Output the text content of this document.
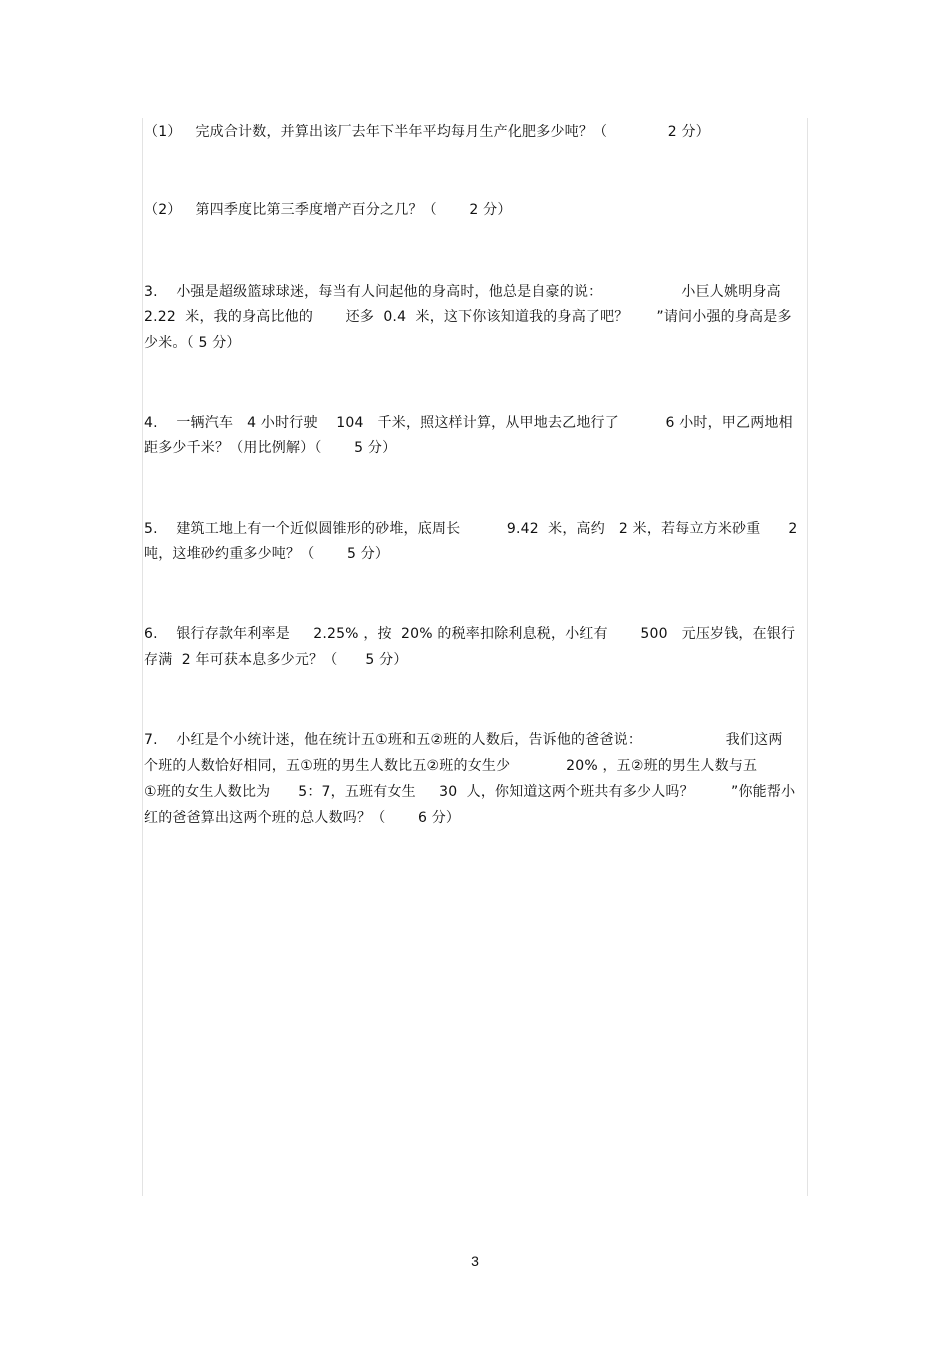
（1）   完成合计数，并算出该厂去年下半年平均每月生产化肥多少吨？（             2 分）
（2）   第四季度比第三季度增产百分之几？（       2 分）
3.    小强是超级篮球球迷，每当有人问起他的身高时，他总是自豪的说：                 小巨人姚明身高
2.22  米，我的身高比他的       还多  0.4  米，这下你该知道我的身高了吧？      ”请问小强的身高是多
少米。（ 5 分）
4.    一辆汽车   4 小时行驶    104   千米，照这样计算，从甲地去乙地行了          6 小时，甲乙两地相
距多少千米？（用比例解）（       5 分）
5.    建筑工地上有一个近似圆锥形的砂堆，底周长          9.42  米，高约   2 米，若每立方米砂重      2
吨，这堆砂约重多少吨？（       5 分）
6.    银行存款年利率是     2.25% ，按  20% 的税率扣除利息税，小红有       500   元压岁钱，在银行
存满  2 年可获本息多少元？（      5 分）
7.    小红是个小统计迷，他在统计五①班和五②班的人数后，告诉他的爸爸说：                  我们这两
个班的人数恰好相同，五①班的男生人数比五②班的女生少            20% ，五②班的男生人数与五
①班的女生人数比为      5：7，五班有女生     30  人，你知道这两个班共有多少人吗？        ”你能帮小
红的爸爸算出这两个班的总人数吗？（       6 分）
3
